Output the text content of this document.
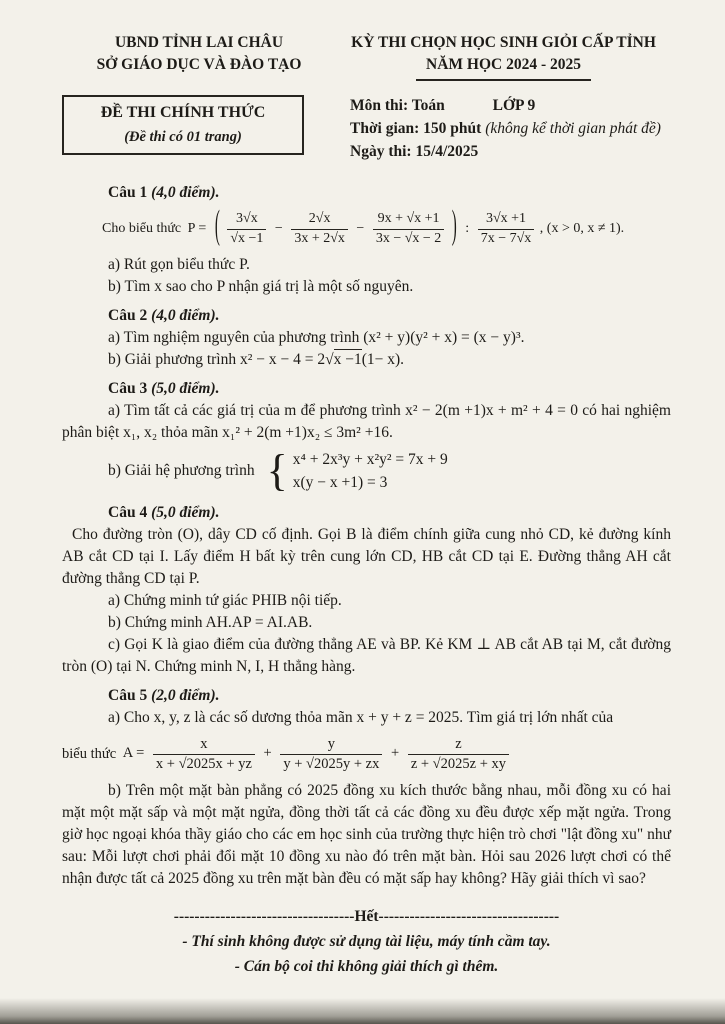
UBND TỈNH LAI CHÂU
SỞ GIÁO DỤC VÀ ĐÀO TẠO
KỲ THI CHỌN HỌC SINH GIỎI CẤP TỈNH
NĂM HỌC 2024 - 2025
ĐỀ THI CHÍNH THỨC
(Đề thi có 01 trang)
Môn thi: Toán	LỚP 9
Thời gian: 150 phút (không kể thời gian phát đề)
Ngày thi: 15/4/2025

Câu 1 (4,0 điểm).

Cho biểu thức P = ( $\frac{3√x}{√x -1} - \frac{2√x}{3x + 2√x} - \frac{9x + √x +1}{3x - √x - 2}$ ) : $\frac{3√x +1}{7x - 7√x}$ , (x > 0, x ≠ 1).

a) Rút gọn biểu thức P.

b) Tìm x sao cho P nhận giá trị là một số nguyên.

Câu 2 (4,0 điểm).

a) Tìm nghiệm nguyên của phương trình (x² + y)(y² + x) = (x − y)³.

b) Giải phương trình x² − x − 4 = 2√x −1(1− x).

Câu 3 (5,0 điểm).

a) Tìm tất cả các giá trị của m để phương trình x² − 2(m +1)x + m² + 4 = 0 có hai nghiệm phân biệt x₁, x₂ thỏa mãn x₁² + 2(m +1)x₂ ≤ 3m² +16.

b) Giải hệ phương trình { x⁴ + 2x³y + x²y² = 7x + 9
x(y − x +1) = 3

Câu 4 (5,0 điểm).

Cho đường tròn (O), dây CD cố định. Gọi B là điểm chính giữa cung nhỏ CD, kẻ đường kính AB cắt CD tại I. Lấy điểm H bất kỳ trên cung lớn CD, HB cắt CD tại E. Đường thẳng AH cắt đường thẳng CD tại P.

a) Chứng minh tứ giác PHIB nội tiếp.

b) Chứng minh AH.AP = AI.AB.

c) Gọi K là giao điểm của đường thẳng AE và BP. Kẻ KM ⊥ AB cắt AB tại M, cắt đường tròn (O) tại N. Chứng minh N, I, H thẳng hàng.

Câu 5 (2,0 điểm).

a) Cho x, y, z là các số dương thỏa mãn x + y + z = 2025. Tìm giá trị lớn nhất của

biểu thức $A = \frac{x}{x + √2025x + yz} + \frac{y}{y + √2025y + zx} + \frac{z}{z + √2025z + xy}$

b) Trên một mặt bàn phẳng có 2025 đồng xu kích thước bằng nhau, mỗi đồng xu có hai mặt một mặt sấp và một mặt ngửa, đồng thời tất cả các đồng xu đều được xếp mặt ngửa. Trong giờ học ngoại khóa thầy giáo cho các em học sinh của trường thực hiện trò chơi "lật đồng xu" như sau: Mỗi lượt chơi phải đổi mặt 10 đồng xu nào đó trên mặt bàn. Hỏi sau 2026 lượt chơi có thể nhận được tất cả 2025 đồng xu trên mặt bàn đều có mặt sấp hay không? Hãy giải thích vì sao?

-----------------------------------Hết-----------------------------------

- Thí sinh không được sử dụng tài liệu, máy tính cầm tay.

- Cán bộ coi thi không giải thích gì thêm.
